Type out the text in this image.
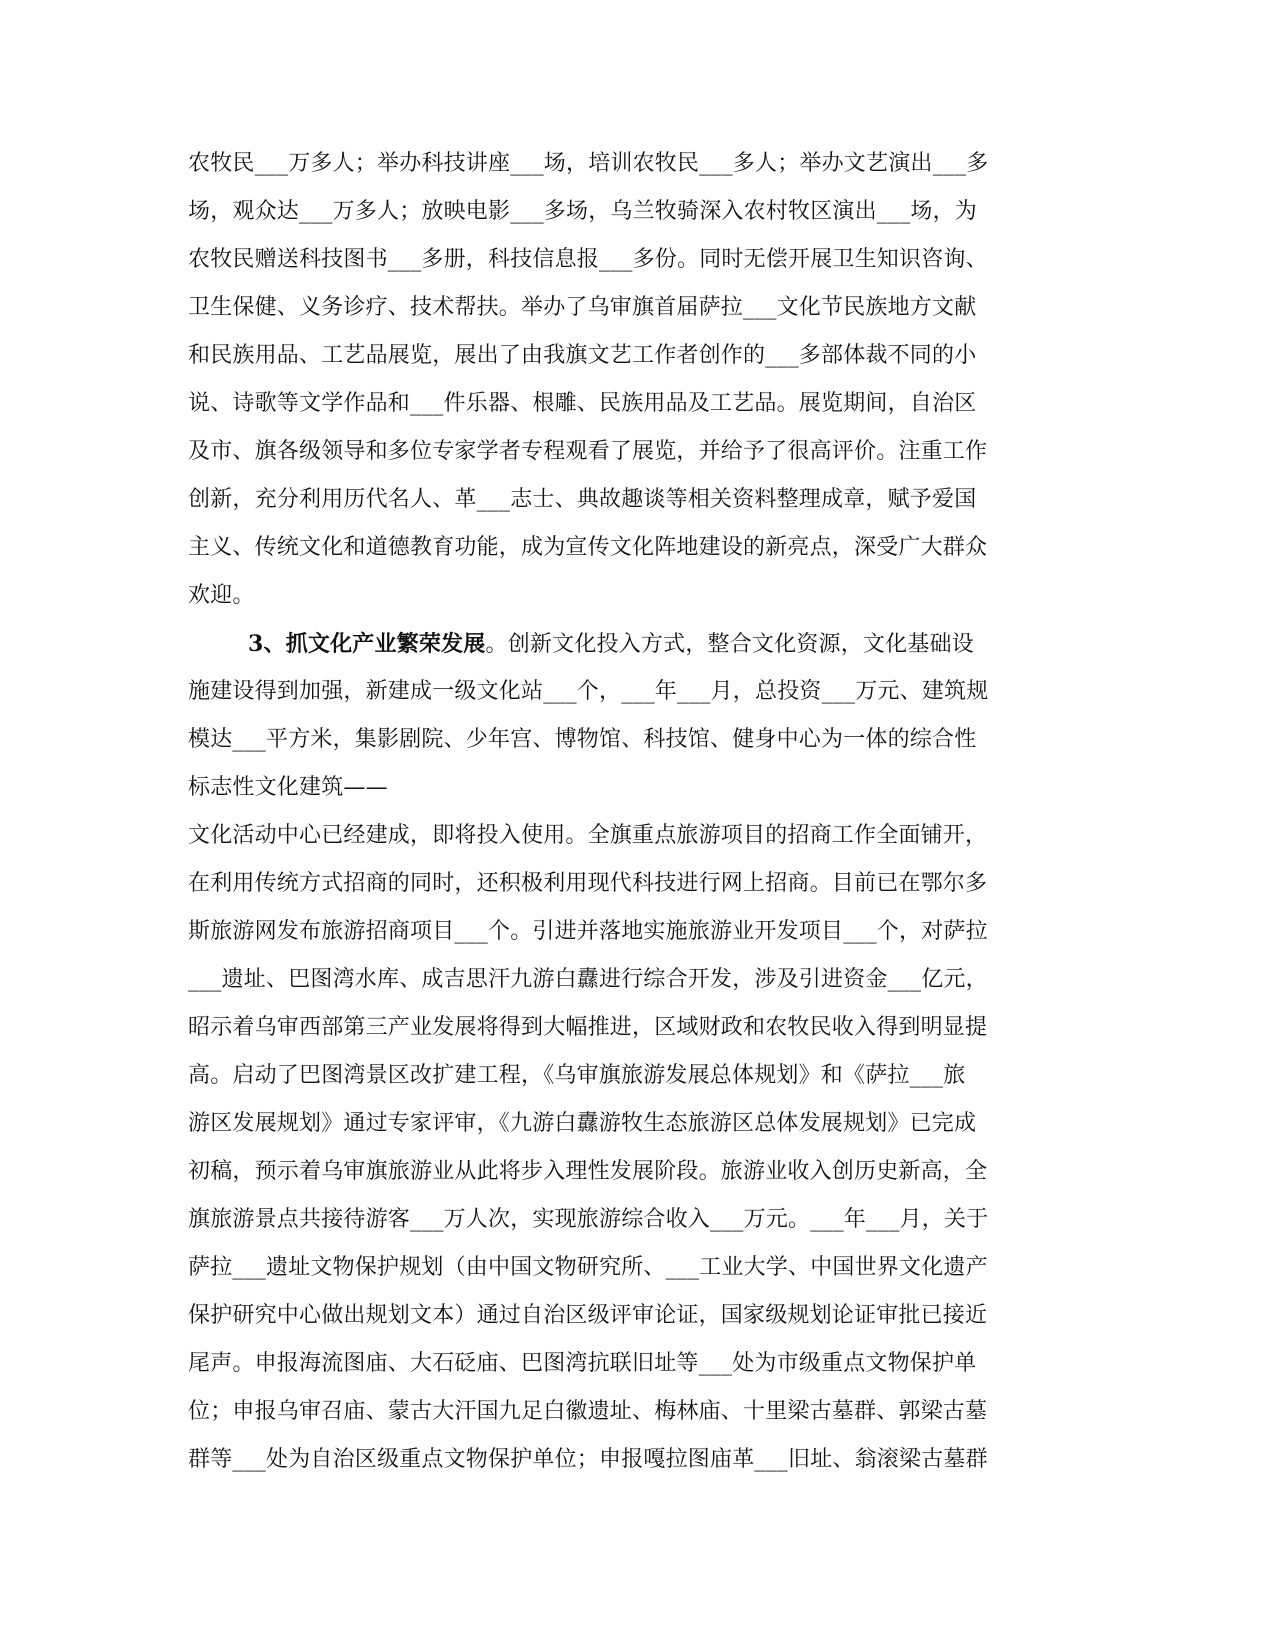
农牧民___万多人；举办科技讲座___场，培训农牧民___多人；举办文艺演出___多
场，观众达___万多人；放映电影___多场，乌兰牧骑深入农村牧区演出___场，为
农牧民赠送科技图书___多册，科技信息报___多份。同时无偿开展卫生知识咨询、
卫生保健、义务诊疗、技术帮扶。举办了乌审旗首届萨拉___文化节民族地方文献
和民族用品、工艺品展览，展出了由我旗文艺工作者创作的___多部体裁不同的小
说、诗歌等文学作品和___件乐器、根雕、民族用品及工艺品。展览期间，自治区
及市、旗各级领导和多位专家学者专程观看了展览，并给予了很高评价。注重工作
创新，充分利用历代名人、革___志士、典故趣谈等相关资料整理成章，赋予爱国
主义、传统文化和道德教育功能，成为宣传文化阵地建设的新亮点，深受广大群众
欢迎。
3、抓文化产业繁荣发展。创新文化投入方式，整合文化资源，文化基础设
施建设得到加强，新建成一级文化站___个，___年___月，总投资___万元、建筑规
模达___平方米，集影剧院、少年宫、博物馆、科技馆、健身中心为一体的综合性
标志性文化建筑——
文化活动中心已经建成，即将投入使用。全旗重点旅游项目的招商工作全面铺开，
在利用传统方式招商的同时，还积极利用现代科技进行网上招商。目前已在鄂尔多
斯旅游网发布旅游招商项目___个。引进并落地实施旅游业开发项目___个，对萨拉
___遗址、巴图湾水库、成吉思汗九游白纛进行综合开发，涉及引进资金___亿元，
昭示着乌审西部第三产业发展将得到大幅推进，区域财政和农牧民收入得到明显提
高。启动了巴图湾景区改扩建工程，《乌审旗旅游发展总体规划》和《萨拉___旅
游区发展规划》通过专家评审，《九游白纛游牧生态旅游区总体发展规划》已完成
初稿，预示着乌审旗旅游业从此将步入理性发展阶段。旅游业收入创历史新高，全
旗旅游景点共接待游客___万人次，实现旅游综合收入___万元。___年___月，关于
萨拉___遗址文物保护规划（由中国文物研究所、___工业大学、中国世界文化遗产
保护研究中心做出规划文本）通过自治区级评审论证，国家级规划论证审批已接近
尾声。申报海流图庙、大石砭庙、巴图湾抗联旧址等___处为市级重点文物保护单
位；申报乌审召庙、蒙古大汗国九足白徽遗址、梅林庙、十里梁古墓群、郭梁古墓
群等___处为自治区级重点文物保护单位；申报嘎拉图庙革___旧址、翁滚梁古墓群
